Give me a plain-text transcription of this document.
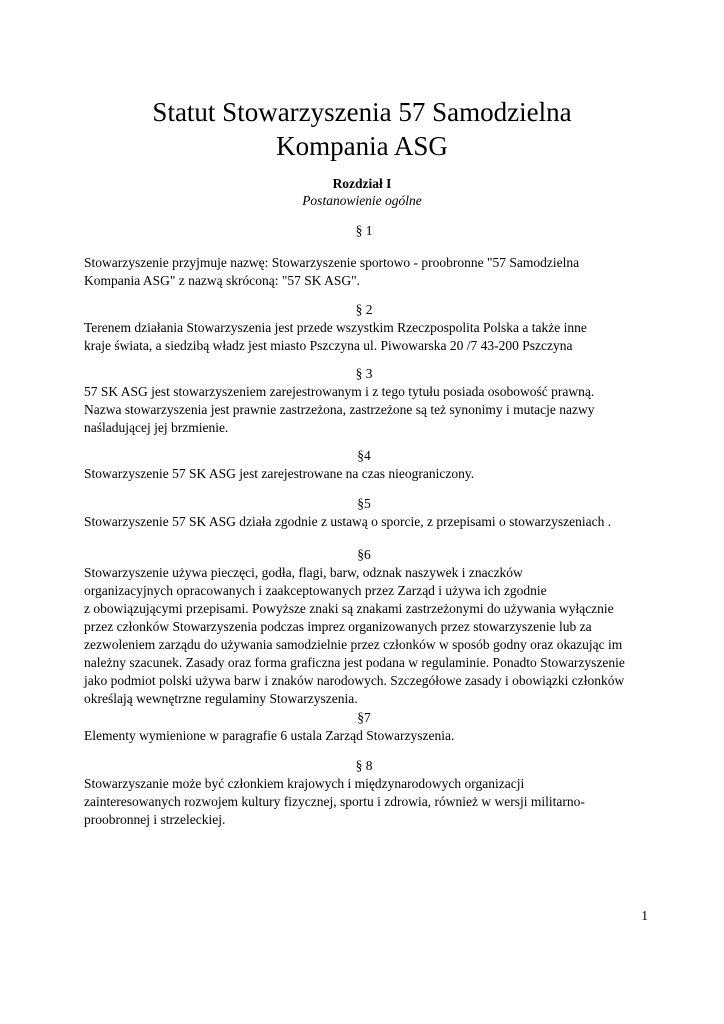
Statut Stowarzyszenia 57 Samodzielna
Kompania ASG
Rozdział I
Postanowienie ogólne
§ 1

Stowarzyszenie przyjmuje nazwę: Stowarzyszenie sportowo - proobronne "57 Samodzielna
Kompania ASG" z nazwą skróconą: "57 SK ASG".

§ 2

Terenem działania Stowarzyszenia jest przede wszystkim Rzeczpospolita Polska a także inne
kraje świata, a siedzibą władz jest miasto Pszczyna ul. Piwowarska 20 /7 43-200 Pszczyna

§ 3

57 SK ASG jest stowarzyszeniem zarejestrowanym i z tego tytułu posiada osobowość prawną.
Nazwa stowarzyszenia jest prawnie zastrzeżona, zastrzeżone są też synonimy i mutacje nazwy
naśladującej jej brzmienie.

§4

Stowarzyszenie 57 SK ASG jest zarejestrowane na czas nieograniczony.

§5

Stowarzyszenie 57 SK ASG działa zgodnie z ustawą o sporcie, z przepisami o stowarzyszeniach .

§6

Stowarzyszenie używa pieczęci, godła, flagi, barw, odznak naszywek i znaczków
organizacyjnych opracowanych i zaakceptowanych przez Zarząd i używa ich zgodnie
z obowiązującymi przepisami. Powyższe znaki są znakami zastrzeżonymi do używania wyłącznie
przez członków Stowarzyszenia podczas imprez organizowanych przez stowarzyszenie lub za
zezwoleniem zarządu do używania samodzielnie przez członków w sposób godny oraz okazując im
należny szacunek. Zasady oraz forma graficzna jest podana w regulaminie. Ponadto Stowarzyszenie
jako podmiot polski używa barw i znaków narodowych. Szczegółowe zasady i obowiązki członków
określają wewnętrzne regulaminy Stowarzyszenia.

§7

Elementy wymienione w paragrafie 6 ustala Zarząd Stowarzyszenia.

§ 8

Stowarzyszanie może być członkiem krajowych i międzynarodowych organizacji
zainteresowanych rozwojem kultury fizycznej, sportu i zdrowia, również w wersji militarno-
proobronnej i strzeleckiej.

1
